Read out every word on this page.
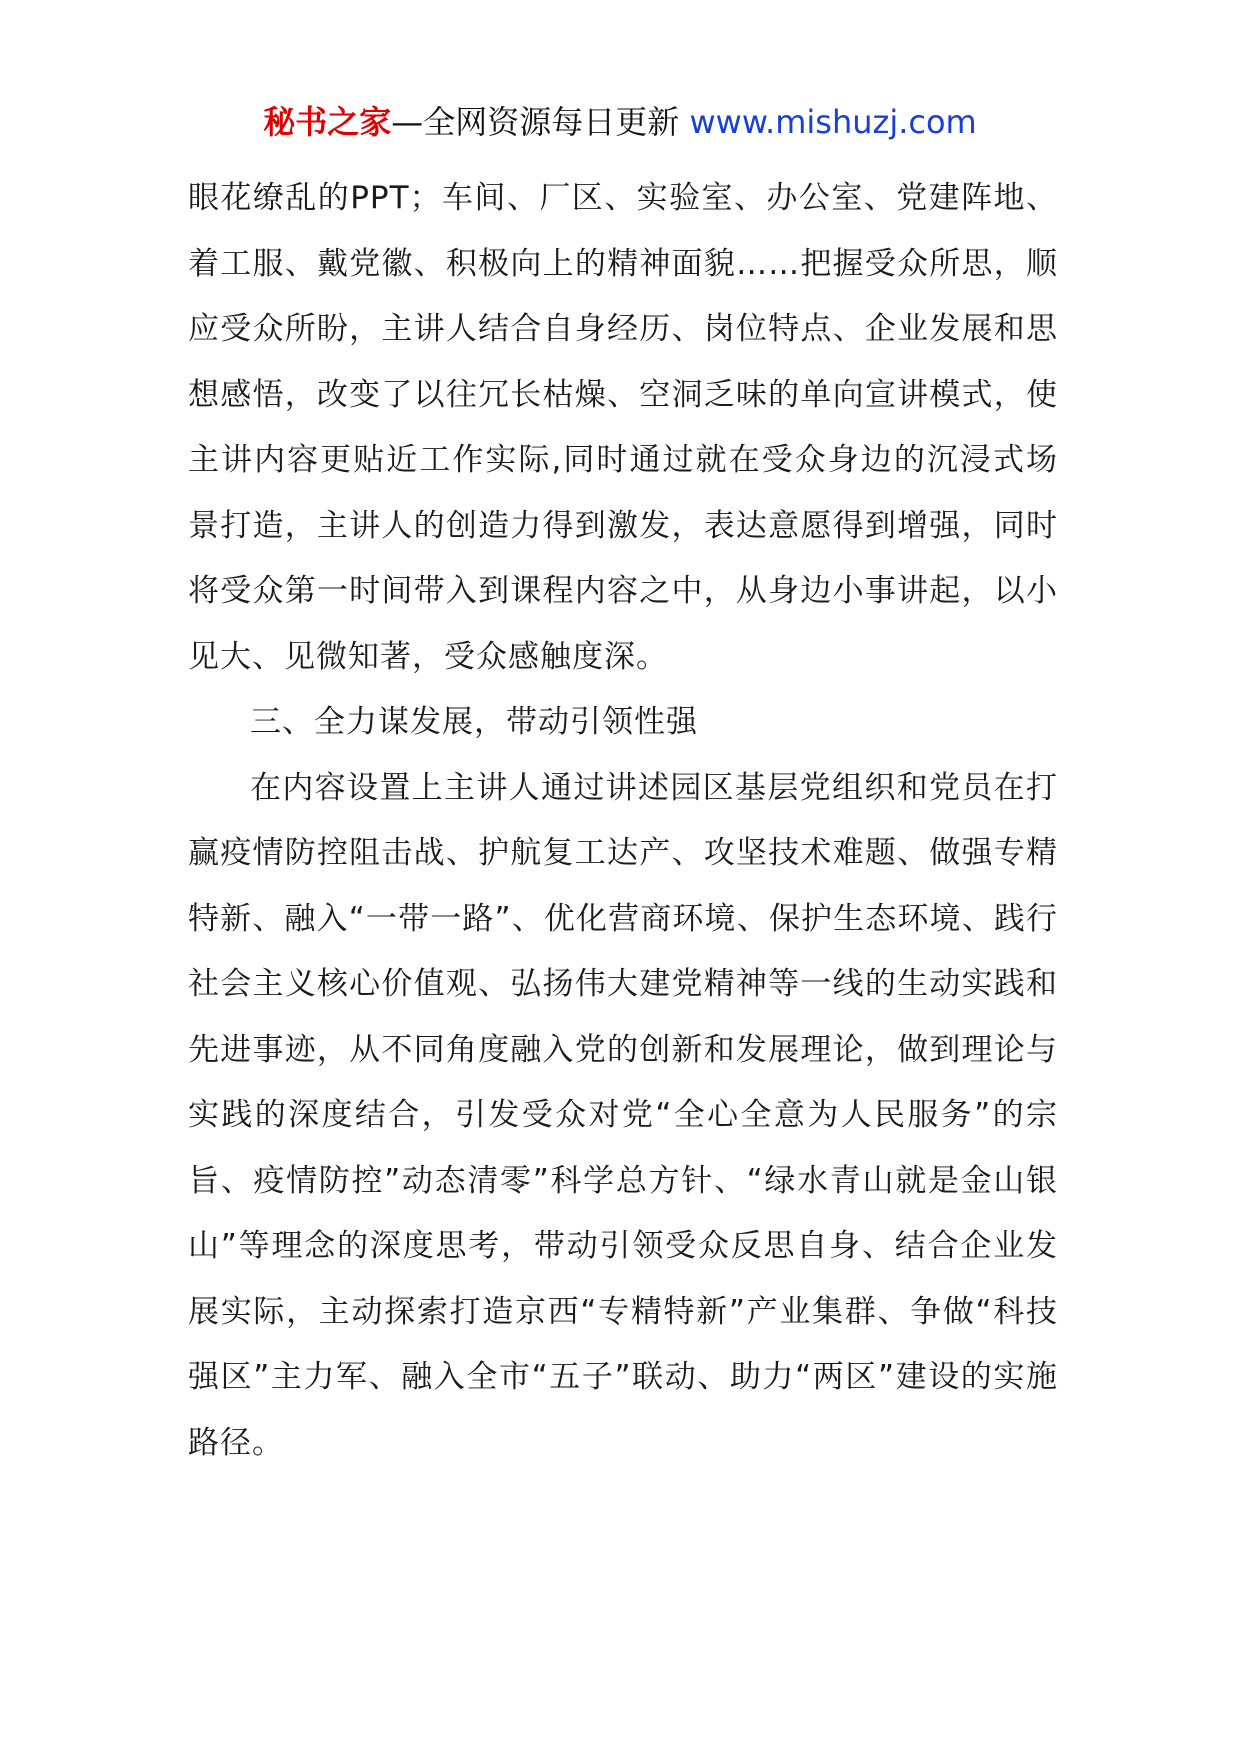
秘书之家—全网资源每日更新 www.mishuzj.com

眼花缭乱的PPT；车间、厂区、实验室、办公室、党建阵地、着工服、戴党徽、积极向上的精神面貌……把握受众所思，顺应受众所盼，主讲人结合自身经历、岗位特点、企业发展和思想感悟，改变了以往冗长枯燥、空洞乏味的单向宣讲模式，使主讲内容更贴近工作实际,同时通过就在受众身边的沉浸式场景打造，主讲人的创造力得到激发，表达意愿得到增强，同时将受众第一时间带入到课程内容之中，从身边小事讲起，以小见大、见微知著，受众感触度深。

三、全力谋发展，带动引领性强

在内容设置上主讲人通过讲述园区基层党组织和党员在打赢疫情防控阻击战、护航复工达产、攻坚技术难题、做强专精特新、融入“一带一路”、优化营商环境、保护生态环境、践行社会主义核心价值观、弘扬伟大建党精神等一线的生动实践和先进事迹，从不同角度融入党的创新和发展理论，做到理论与实践的深度结合，引发受众对党“全心全意为人民服务”的宗旨、疫情防控”动态清零”科学总方针、“绿水青山就是金山银山”等理念的深度思考，带动引领受众反思自身、结合企业发展实际，主动探索打造京西“专精特新”产业集群、争做“科技强区”主力军、融入全市“五子”联动、助力“两区”建设的实施路径。
